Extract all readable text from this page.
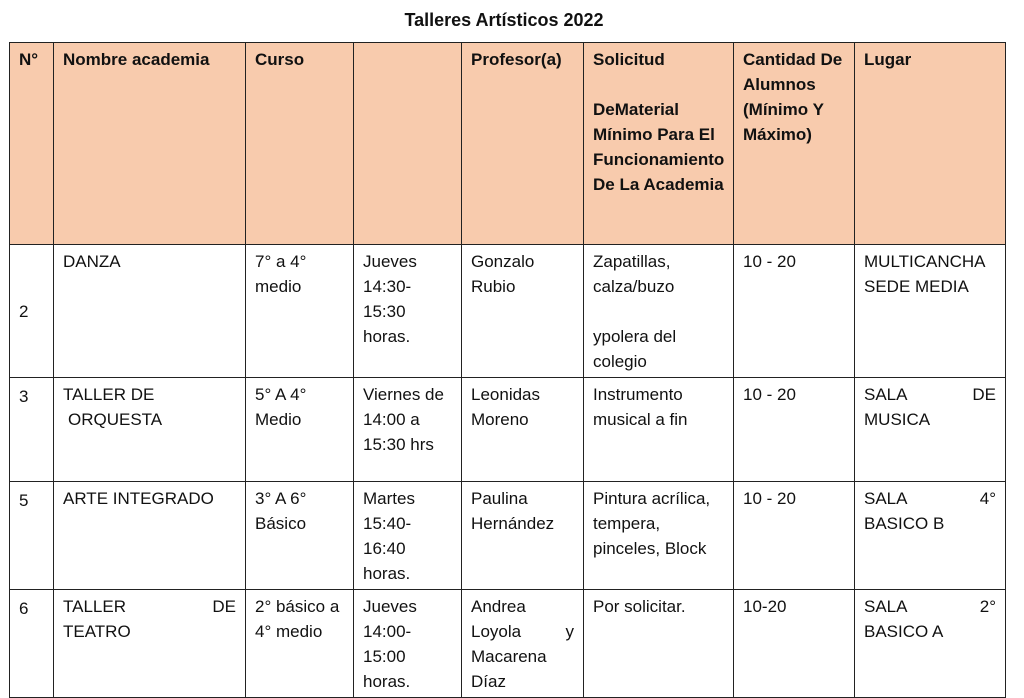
Talleres Artísticos 2022
N°	Nombre academia	Curso		Profesor(a)	Solicitud
DeMaterial Mínimo Para El Funcionamiento De La Academia	Cantidad De Alumnos (Mínimo Y Máximo)	Lugar
2	DANZA	7° a 4° medio	Jueves 14:30-15:30 horas.	Gonzalo Rubio	Zapatillas, calza/buzo
ypolera del colegio	10 - 20	MULTICANCHA SEDE MEDIA
3	TALLER DE
ORQUESTA	5° A 4° Medio	Viernes de 14:00 a 15:30 hrs	Leonidas Moreno	Instrumento musical a fin	10 - 20	SALA DE
MUSICA

5	ARTE INTEGRADO	3° A 6° Básico	Martes 15:40-16:40 horas.	Paulina Hernández	Pintura acrílica, tempera, pinceles, Block	10 - 20	SALA 4°
BASICO B

6	TALLER DE
TEATRO	2° básico a 4° medio	Jueves 14:00-15:00 horas.	Andrea
Loyola y
Macarena Díaz	Por solicitar.	10-20	SALA 2°
BASICO A
